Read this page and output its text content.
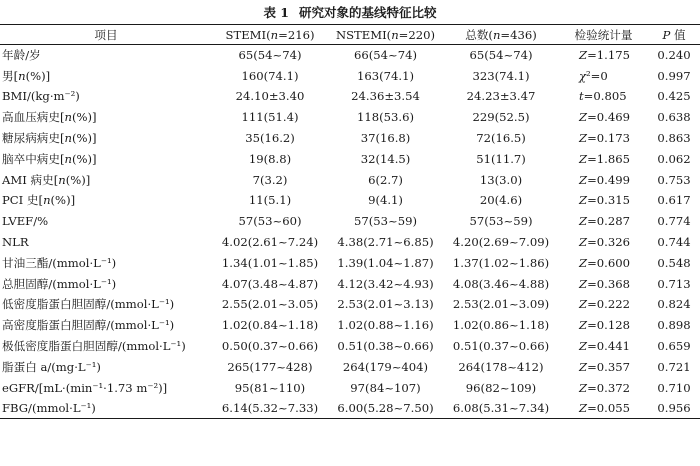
表 1 研究对象的基线特征比较
项目	STEMI(n=216)	NSTEMI(n=220)	总数(n=436)	检验统计量	P 值
年龄/岁	65(54~74)	66(54~74)	65(54~74)	Z=1.175	0.240
男[n(%)]	160(74.1)	163(74.1)	323(74.1)	χ²=0	0.997
BMI/(kg·m⁻²)	24.10±3.40	24.36±3.54	24.23±3.47	t=0.805	0.425
高血压病史[n(%)]	111(51.4)	118(53.6)	229(52.5)	Z=0.469	0.638
糖尿病病史[n(%)]	35(16.2)	37(16.8)	72(16.5)	Z=0.173	0.863
脑卒中病史[n(%)]	19(8.8)	32(14.5)	51(11.7)	Z=1.865	0.062
AMI 病史[n(%)]	7(3.2)	6(2.7)	13(3.0)	Z=0.499	0.753
PCI 史[n(%)]	11(5.1)	9(4.1)	20(4.6)	Z=0.315	0.617
LVEF/%	57(53~60)	57(53~59)	57(53~59)	Z=0.287	0.774
NLR	4.02(2.61~7.24)	4.38(2.71~6.85)	4.20(2.69~7.09)	Z=0.326	0.744
甘油三酯/(mmol·L⁻¹)	1.34(1.01~1.85)	1.39(1.04~1.87)	1.37(1.02~1.86)	Z=0.600	0.548
总胆固醇/(mmol·L⁻¹)	4.07(3.48~4.87)	4.12(3.42~4.93)	4.08(3.46~4.88)	Z=0.368	0.713
低密度脂蛋白胆固醇/(mmol·L⁻¹)	2.55(2.01~3.05)	2.53(2.01~3.13)	2.53(2.01~3.09)	Z=0.222	0.824
高密度脂蛋白胆固醇/(mmol·L⁻¹)	1.02(0.84~1.18)	1.02(0.88~1.16)	1.02(0.86~1.18)	Z=0.128	0.898
极低密度脂蛋白胆固醇/(mmol·L⁻¹)	0.50(0.37~0.66)	0.51(0.38~0.66)	0.51(0.37~0.66)	Z=0.441	0.659
脂蛋白 a/(mg·L⁻¹)	265(177~428)	264(179~404)	264(178~412)	Z=0.357	0.721
eGFR/[mL·(min⁻¹·1.73 m⁻²)]	95(81~110)	97(84~107)	96(82~109)	Z=0.372	0.710
FBG/(mmol·L⁻¹)	6.14(5.32~7.33)	6.00(5.28~7.50)	6.08(5.31~7.34)	Z=0.055	0.956
